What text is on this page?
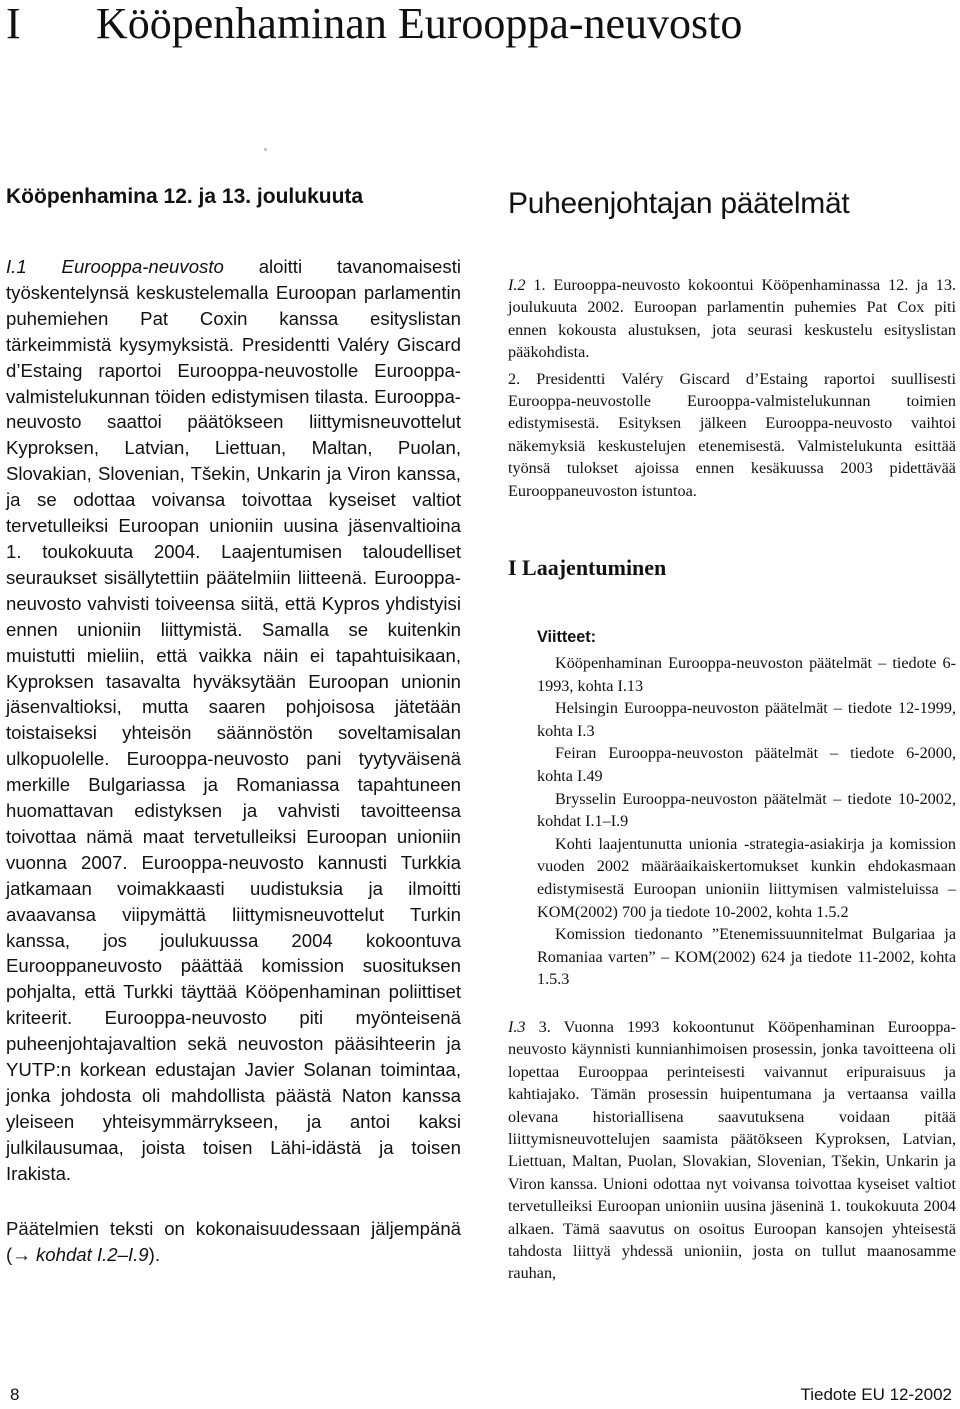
I Kööpenhaminan Eurooppa-neuvosto
Kööpenhamina 12. ja 13. joulukuuta

I.1 Eurooppa-neuvosto aloitti tavanomaisesti työskentelynsä keskustelemalla Euroopan parlamentin puhemiehen Pat Coxin kanssa esityslistan tärkeimmistä kysymyksistä. Presidentti Valéry Giscard d’Estaing raportoi Eurooppa-neuvostolle Eurooppa-valmistelukunnan töiden edistymisen tilasta. Eurooppa-neuvosto saattoi päätökseen liittymisneuvottelut Kyproksen, Latvian, Liettuan, Maltan, Puolan, Slovakian, Slovenian, Tšekin, Unkarin ja Viron kanssa, ja se odottaa voivansa toivottaa kyseiset valtiot tervetulleiksi Euroopan unioniin uusina jäsenvaltioina 1. toukokuuta 2004. Laajentumisen taloudelliset seuraukset sisällytettiin päätelmiin liitteenä. Eurooppa-neuvosto vahvisti toiveensa siitä, että Kypros yhdistyisi ennen unioniin liittymistä. Samalla se kuitenkin muistutti mieliin, että vaikka näin ei tapahtuisikaan, Kyproksen tasavalta hyväksytään Euroopan unionin jäsenvaltioksi, mutta saaren pohjoisosa jätetään toistaiseksi yhteisön säännöstön soveltamisalan ulkopuolelle. Eurooppa-neuvosto pani tyytyväisenä merkille Bulgariassa ja Romaniassa tapahtuneen huomattavan edistyksen ja vahvisti tavoitteensa toivottaa nämä maat tervetulleiksi Euroopan unioniin vuonna 2007. Eurooppa-neuvosto kannusti Turkkia jatkamaan voimakkaasti uudistuksia ja ilmoitti avaavansa viipymättä liittymisneuvottelut Turkin kanssa, jos joulukuussa 2004 kokoontuva Eurooppaneuvosto päättää komission suosituksen pohjalta, että Turkki täyttää Kööpenhaminan poliittiset kriteerit. Eurooppa-neuvosto piti myönteisenä puheenjohtajavaltion sekä neuvoston pääsihteerin ja YUTP:n korkean edustajan Javier Solanan toimintaa, jonka johdosta oli mahdollista päästä Naton kanssa yleiseen yhteisymmärrykseen, ja antoi kaksi julkilausumaa, joista toisen Lähi-idästä ja toisen Irakista.

Päätelmien teksti on kokonaisuudessaan jäljempänä (→ kohdat I.2–I.9).

Puheenjohtajan päätelmät

I.2 1. Eurooppa-neuvosto kokoontui Kööpenhaminassa 12. ja 13. joulukuuta 2002. Euroopan parlamentin puhemies Pat Cox piti ennen kokousta alustuksen, jota seurasi keskustelu esityslistan pääkohdista.

2. Presidentti Valéry Giscard d’Estaing raportoi suullisesti Eurooppa-neuvostolle Eurooppa-valmistelukunnan toimien edistymisestä. Esityksen jälkeen Eurooppa-neuvosto vaihtoi näkemyksiä keskustelujen etenemisestä. Valmistelukunta esittää työnsä tulokset ajoissa ennen kesäkuussa 2003 pidettävää Eurooppaneuvoston istuntoa.

I Laajentuminen
Viitteet:

Kööpenhaminan Eurooppa-neuvoston päätelmät – tiedote 6-1993, kohta I.13

Helsingin Eurooppa-neuvoston päätelmät – tiedote 12-1999, kohta I.3

Feiran Eurooppa-neuvoston päätelmät – tiedote 6-2000, kohta I.49

Brysselin Eurooppa-neuvoston päätelmät – tiedote 10-2002, kohdat I.1–I.9

Kohti laajentunutta unionia -strategia-asiakirja ja komission vuoden 2002 määräaikaiskertomukset kunkin ehdokasmaan edistymisestä Euroopan unioniin liittymisen valmisteluissa – KOM(2002) 700 ja tiedote 10-2002, kohta 1.5.2

Komission tiedonanto ”Etenemissuunnitelmat Bulgariaa ja Romaniaa varten” – KOM(2002) 624 ja tiedote 11-2002, kohta 1.5.3

I.3 3. Vuonna 1993 kokoontunut Kööpenhaminan Eurooppa-neuvosto käynnisti kunnianhimoisen prosessin, jonka tavoitteena oli lopettaa Eurooppaa perinteisesti vaivannut eripuraisuus ja kahtiajako. Tämän prosessin huipentumana ja vertaansa vailla olevana historiallisena saavutuksena voidaan pitää liittymisneuvottelujen saamista päätökseen Kyproksen, Latvian, Liettuan, Maltan, Puolan, Slovakian, Slovenian, Tšekin, Unkarin ja Viron kanssa. Unioni odottaa nyt voivansa toivottaa kyseiset valtiot tervetulleiksi Euroopan unioniin uusina jäseninä 1. toukokuuta 2004 alkaen. Tämä saavutus on osoitus Euroopan kansojen yhteisestä tahdosta liittyä yhdessä unioniin, josta on tullut maanosamme rauhan,

8	Tiedote EU 12-2002
